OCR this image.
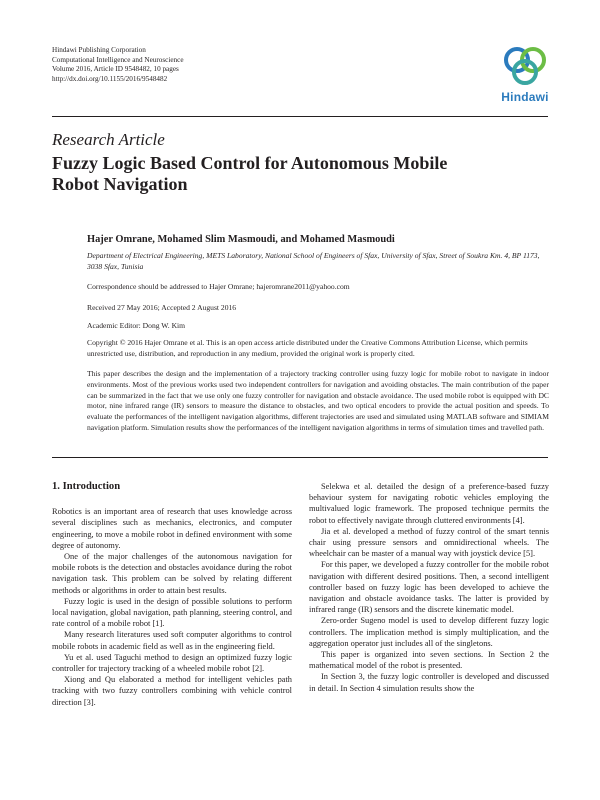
Hindawi Publishing Corporation
Computational Intelligence and Neuroscience
Volume 2016, Article ID 9548482, 10 pages
http://dx.doi.org/10.1155/2016/9548482
Hindawi
Research Article
Fuzzy Logic Based Control for Autonomous Mobile Robot Navigation
Hajer Omrane, Mohamed Slim Masmoudi, and Mohamed Masmoudi
Department of Electrical Engineering, METS Laboratory, National School of Engineers of Sfax, University of Sfax, Street of Soukra Km. 4, BP 1173, 3038 Sfax, Tunisia
Correspondence should be addressed to Hajer Omrane; hajeromrane2011@yahoo.com
Received 27 May 2016; Accepted 2 August 2016
Academic Editor: Dong W. Kim
Copyright © 2016 Hajer Omrane et al. This is an open access article distributed under the Creative Commons Attribution License, which permits unrestricted use, distribution, and reproduction in any medium, provided the original work is properly cited.
This paper describes the design and the implementation of a trajectory tracking controller using fuzzy logic for mobile robot to navigate in indoor environments. Most of the previous works used two independent controllers for navigation and avoiding obstacles. The main contribution of the paper can be summarized in the fact that we use only one fuzzy controller for navigation and obstacle avoidance. The used mobile robot is equipped with DC motor, nine infrared range (IR) sensors to measure the distance to obstacles, and two optical encoders to provide the actual position and speeds. To evaluate the performances of the intelligent navigation algorithms, different trajectories are used and simulated using MATLAB software and SIMIAM navigation platform. Simulation results show the performances of the intelligent navigation algorithms in terms of simulation times and travelled path.
1. Introduction

Robotics is an important area of research that uses knowledge across several disciplines such as mechanics, electronics, and computer engineering, to move a mobile robot in defined environment with some degree of autonomy.

One of the major challenges of the autonomous navigation for mobile robots is the detection and obstacles avoidance during the robot navigation task. This problem can be solved by relating different methods or algorithms in order to attain best results.

Fuzzy logic is used in the design of possible solutions to perform local navigation, global navigation, path planning, steering control, and rate control of a mobile robot [1].

Many research literatures used soft computer algorithms to control mobile robots in academic field as well as in the engineering field.

Yu et al. used Taguchi method to design an optimized fuzzy logic controller for trajectory tracking of a wheeled mobile robot [2].

Xiong and Qu elaborated a method for intelligent vehicles path tracking with two fuzzy controllers combining with vehicle control direction [3].

Selekwa et al. detailed the design of a preference-based fuzzy behaviour system for navigating robotic vehicles employing the multivalued logic framework. The proposed technique permits the robot to effectively navigate through cluttered environments [4].

Jia et al. developed a method of fuzzy control of the smart tennis chair using pressure sensors and omnidirectional wheels. The wheelchair can be master of a manual way with joystick device [5].

For this paper, we developed a fuzzy controller for the mobile robot navigation with different desired positions. Then, a second intelligent controller based on fuzzy logic has been developed to achieve the navigation and obstacle avoidance tasks. The latter is provided by infrared range (IR) sensors and the discrete kinematic model.

Zero-order Sugeno model is used to develop different fuzzy logic controllers. The implication method is simply multiplication, and the aggregation operator just includes all of the singletons.

This paper is organized into seven sections. In Section 2 the mathematical model of the robot is presented.

In Section 3, the fuzzy logic controller is developed and discussed in detail. In Section 4 simulation results show the
